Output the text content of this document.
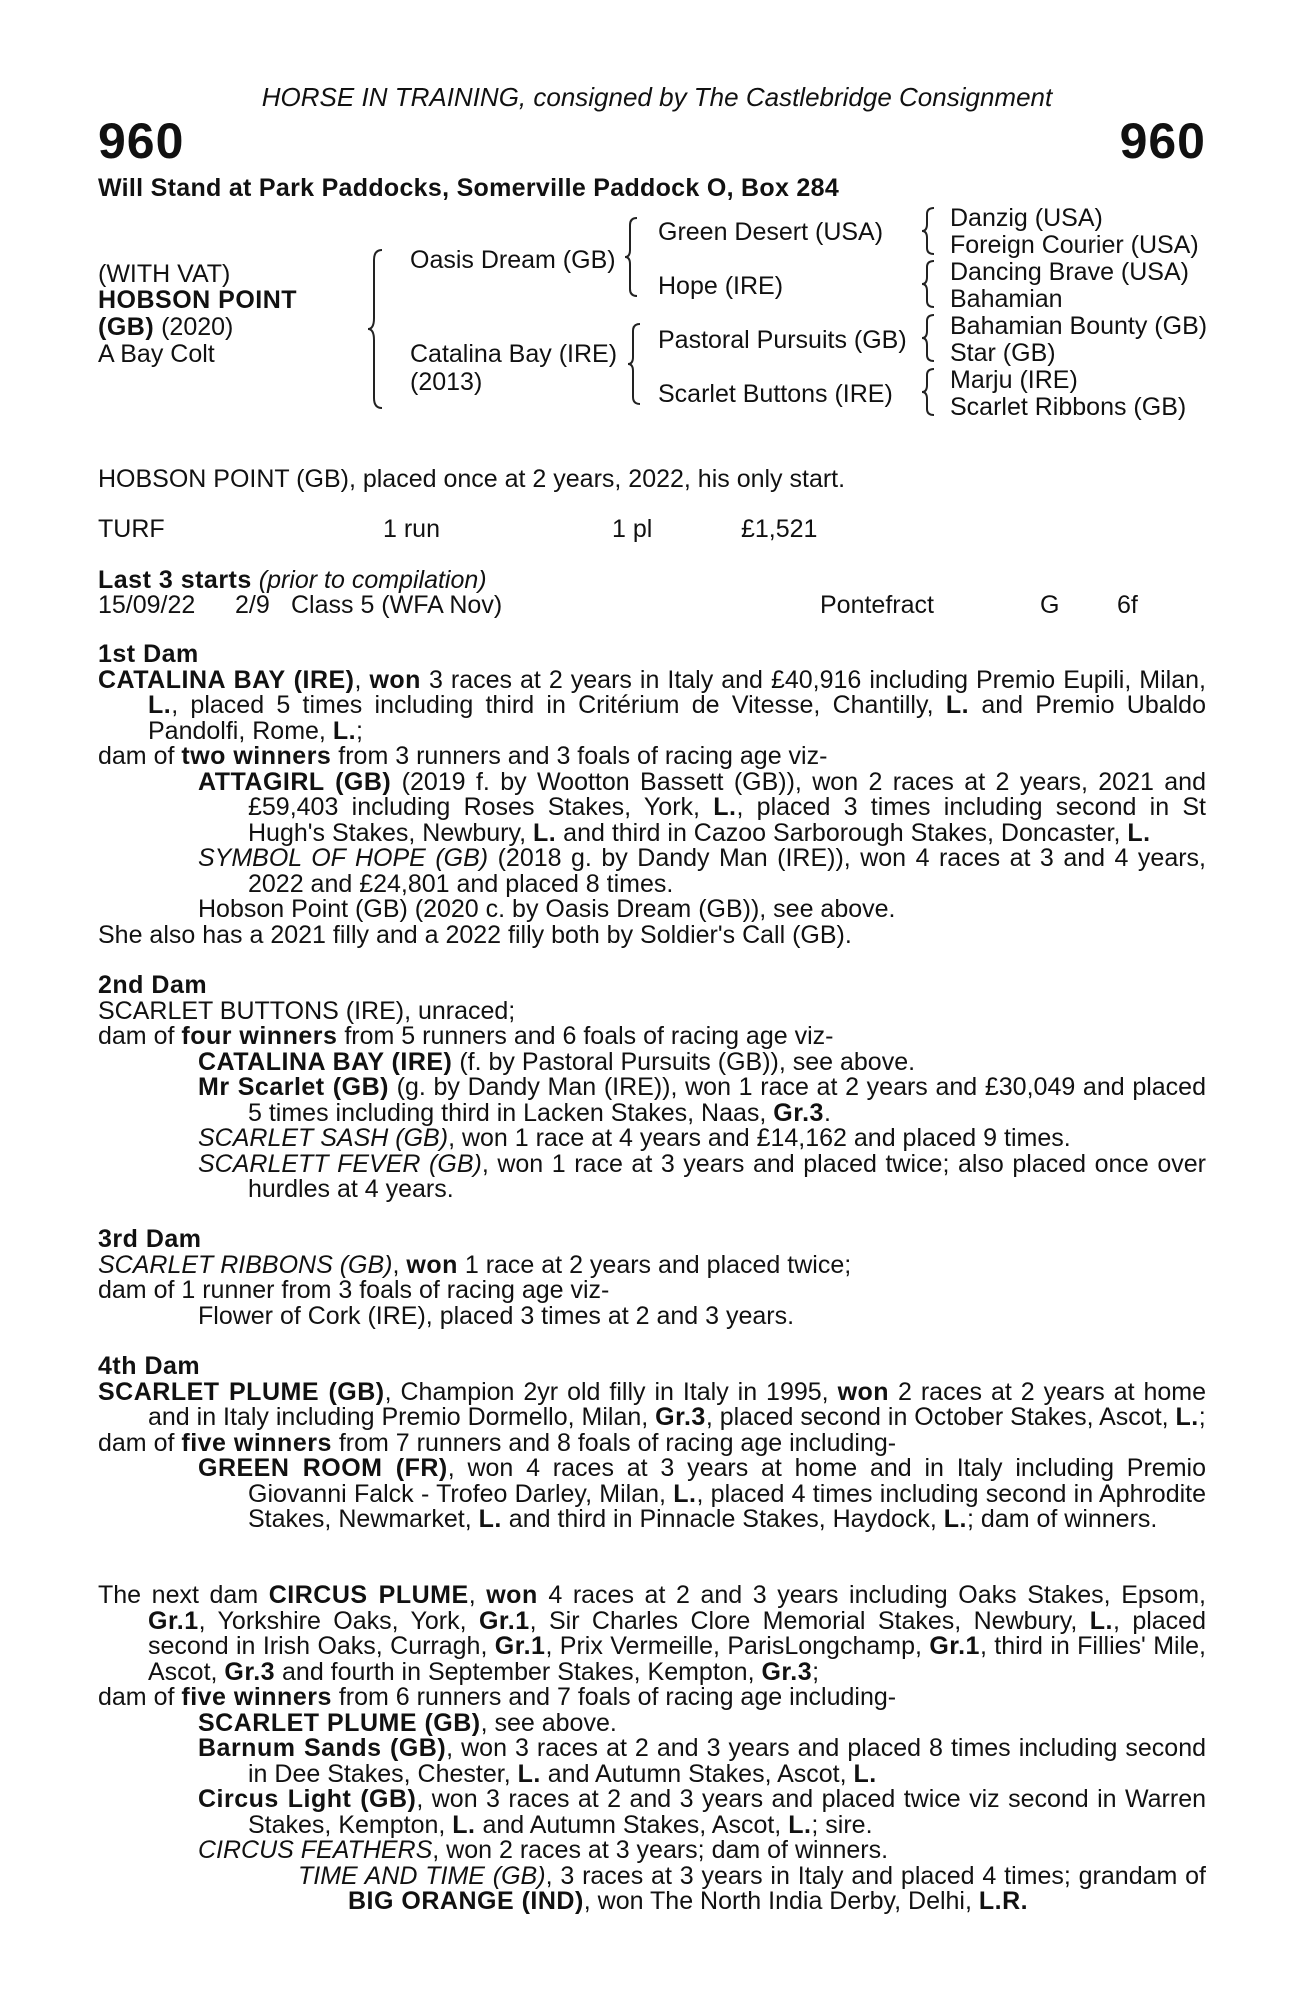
HORSE IN TRAINING, consigned by The Castlebridge Consignment
960	960
Will Stand at Park Paddocks, Somerville Paddock O, Box 284
(WITH VAT)
HOBSON POINT
(GB) (2020)
A Bay Colt
Oasis Dream (GB)
Catalina Bay (IRE)
(2013)
Green Desert (USA)
Hope (IRE)
Pastoral Pursuits (GB)
Scarlet Buttons (IRE)
Danzig (USA)
Foreign Courier (USA)
Dancing Brave (USA)
Bahamian
Bahamian Bounty (GB)
Star (GB)
Marju (IRE)
Scarlet Ribbons (GB)
HOBSON POINT (GB), placed once at 2 years, 2022, his only start.
TURF	1 run	1 pl	£1,521
Last 3 starts (prior to compilation)
15/09/22 2/9 Class 5 (WFA Nov)	Pontefract	G 6f
1st Dam
CATALINA BAY (IRE), won 3 races at 2 years in Italy and £40,916 including Premio Eupili, Milan, L., placed 5 times including third in Critérium de Vitesse, Chantilly, L. and Premio Ubaldo Pandolfi, Rome, L.;
dam of two winners from 3 runners and 3 foals of racing age viz-
ATTAGIRL (GB) (2019 f. by Wootton Bassett (GB)), won 2 races at 2 years, 2021 and £59,403 including Roses Stakes, York, L., placed 3 times including second in St Hugh's Stakes, Newbury, L. and third in Cazoo Sarborough Stakes, Doncaster, L.
SYMBOL OF HOPE (GB) (2018 g. by Dandy Man (IRE)), won 4 races at 3 and 4 years, 2022 and £24,801 and placed 8 times.
Hobson Point (GB) (2020 c. by Oasis Dream (GB)), see above.
She also has a 2021 filly and a 2022 filly both by Soldier's Call (GB).
2nd Dam
SCARLET BUTTONS (IRE), unraced;
dam of four winners from 5 runners and 6 foals of racing age viz-
CATALINA BAY (IRE) (f. by Pastoral Pursuits (GB)), see above.
Mr Scarlet (GB) (g. by Dandy Man (IRE)), won 1 race at 2 years and £30,049 and placed 5 times including third in Lacken Stakes, Naas, Gr.3.
SCARLET SASH (GB), won 1 race at 4 years and £14,162 and placed 9 times.
SCARLETT FEVER (GB), won 1 race at 3 years and placed twice; also placed once over hurdles at 4 years.
3rd Dam
SCARLET RIBBONS (GB), won 1 race at 2 years and placed twice;
dam of 1 runner from 3 foals of racing age viz-
Flower of Cork (IRE), placed 3 times at 2 and 3 years.
4th Dam
SCARLET PLUME (GB), Champion 2yr old filly in Italy in 1995, won 2 races at 2 years at home and in Italy including Premio Dormello, Milan, Gr.3, placed second in October Stakes, Ascot, L.;
dam of five winners from 7 runners and 8 foals of racing age including-
GREEN ROOM (FR), won 4 races at 3 years at home and in Italy including Premio Giovanni Falck - Trofeo Darley, Milan, L., placed 4 times including second in Aphrodite Stakes, Newmarket, L. and third in Pinnacle Stakes, Haydock, L.; dam of winners.
The next dam CIRCUS PLUME, won 4 races at 2 and 3 years including Oaks Stakes, Epsom, Gr.1, Yorkshire Oaks, York, Gr.1, Sir Charles Clore Memorial Stakes, Newbury, L., placed second in Irish Oaks, Curragh, Gr.1, Prix Vermeille, ParisLongchamp, Gr.1, third in Fillies' Mile, Ascot, Gr.3 and fourth in September Stakes, Kempton, Gr.3;
dam of five winners from 6 runners and 7 foals of racing age including-
SCARLET PLUME (GB), see above.
Barnum Sands (GB), won 3 races at 2 and 3 years and placed 8 times including second in Dee Stakes, Chester, L. and Autumn Stakes, Ascot, L.
Circus Light (GB), won 3 races at 2 and 3 years and placed twice viz second in Warren Stakes, Kempton, L. and Autumn Stakes, Ascot, L.; sire.
CIRCUS FEATHERS, won 2 races at 3 years; dam of winners.
TIME AND TIME (GB), 3 races at 3 years in Italy and placed 4 times; grandam of BIG ORANGE (IND), won The North India Derby, Delhi, L.R.
